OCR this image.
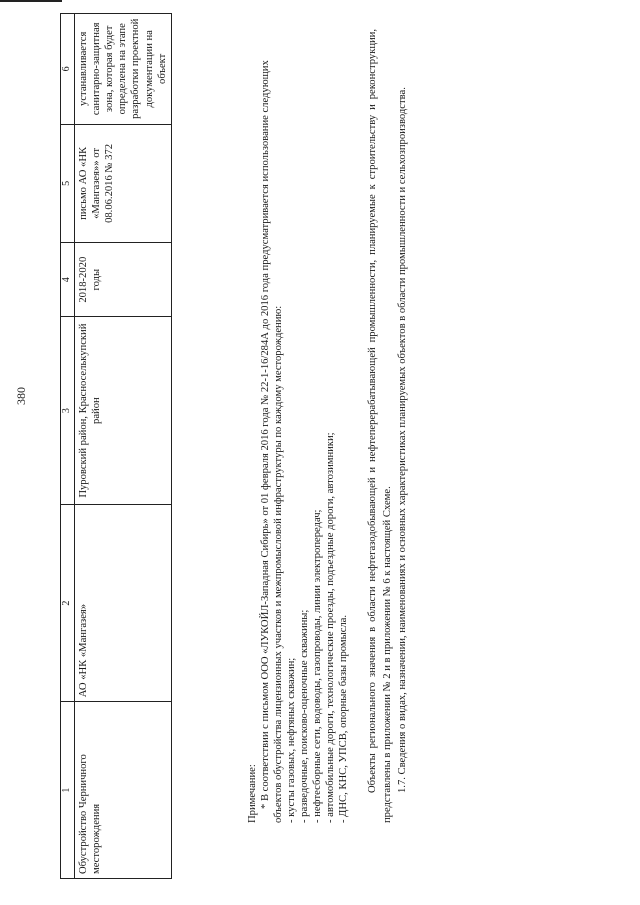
380
1	2	3	4	5	6
Обустройство Черничного месторождения	АО «НК «Мангазея»	Пуровский район, Красноселькупский район	2018-2020 годы	письмо АО «НК «Мангазея»» от 08.06.2016 № 372	устанавливается санитарно-защитная зона, которая будет определена на этапе разработки проектной документации на объект

Примечание: * В соответствии с письмом ООО «ЛУКОЙЛ-Западная Сибирь» от 01 февраля 2016 года № 22-1-16/284А до 2016 года предусматривается использование следующих объектов обустройства лицензионных участков и межпромысловой инфраструктуры по каждому месторождению: - кусты газовых, нефтяных скважин; - разведочные, поисково-оценочные скважины; - нефтесборные сети, водоводы, газопроводы, линии электропередач; - автомобильные дороги, технологические проезды, подъездные дороги, автозимники; - ДНС, КНС, УПСВ, опорные базы промысла. Объекты регионального значения в области нефтегазодобывающей и нефтеперерабатывающей промышленности, планируемые к строительству и реконструкции, представлены в приложении № 2 и в приложении № 6 к настоящей Схеме. 1.7. Сведения о видах, назначении, наименованиях и основных характеристиках планируемых объектов в области промышленности и сельхозпроизводства.
